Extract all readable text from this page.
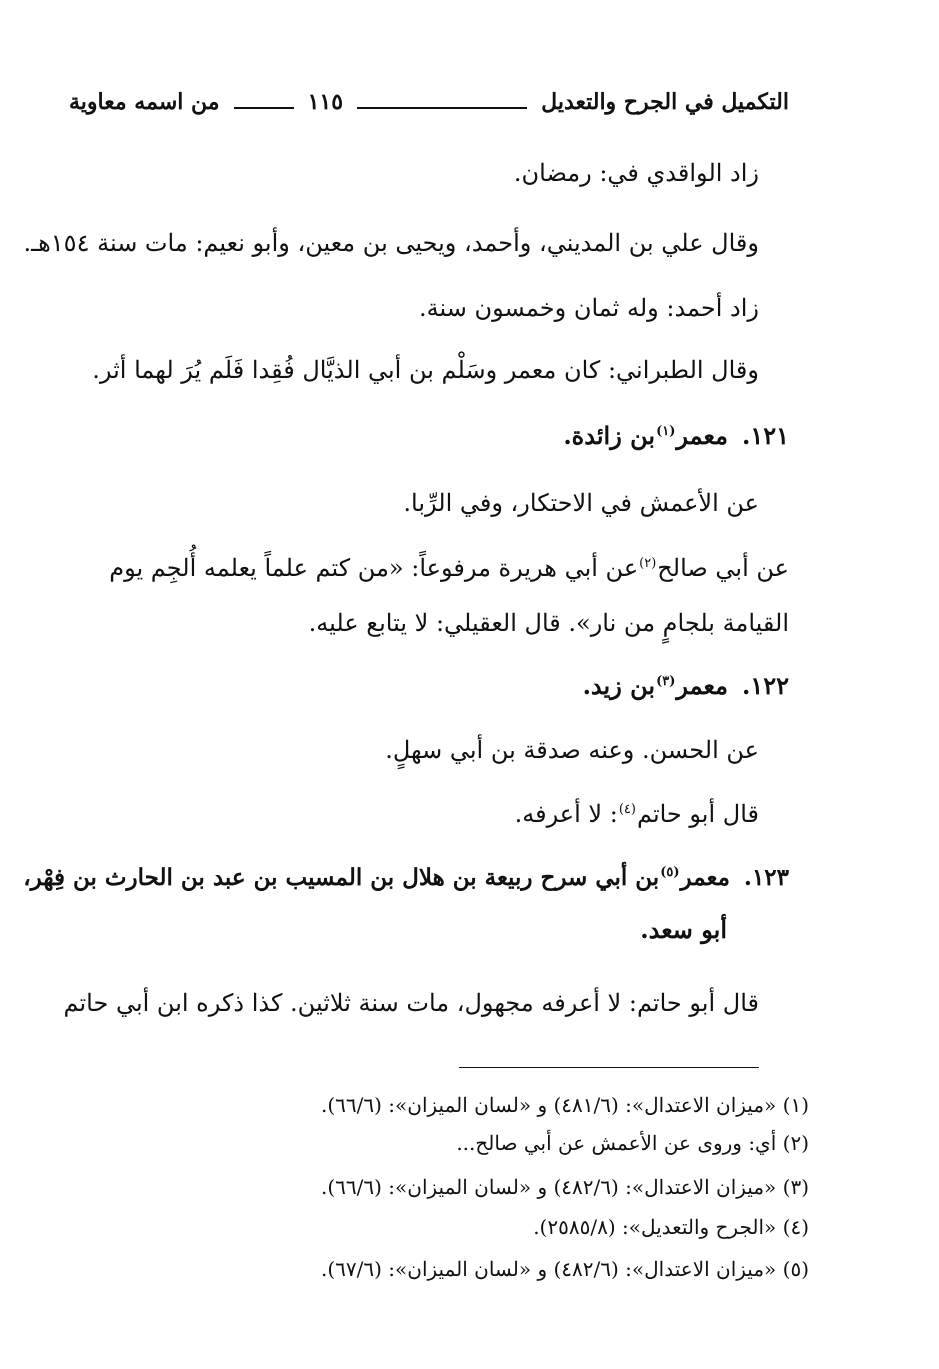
التكميل في الجرح والتعديل
١١٥
من اسمه معاوية
زاد الواقدي في: رمضان.
وقال علي بن المديني، وأحمد، ويحيى بن معين، وأبو نعيم: مات سنة ١٥٤هـ.
زاد أحمد: وله ثمان وخمسون سنة.
وقال الطبراني: كان معمر وسَلْم بن أبي الذيَّال فُقِدا فَلَم يُرَ لهما أثر.
١٢١.معمر$^{(١)}$بن زائدة.
عن الأعمش في الاحتكار، وفي الرِّبا.
عن أبي صالح$^{(٢)}$عن أبي هريرة مرفوعاً: «من كتم علماً يعلمه أُلجِم يوم
القيامة بلجامٍ من نار». قال العقيلي: لا يتابع عليه.
١٢٢.معمر$^{(٣)}$بن زيد.
عن الحسن. وعنه صدقة بن أبي سهلٍ.
قال أبو حاتم$^{(٤)}$: لا أعرفه.
١٢٣.معمر$^{(٥)}$بن أبي سرح ربيعة بن هلال بن المسيب بن عبد بن الحارث بن فِهْر،
أبو سعد.
قال أبو حاتم: لا أعرفه مجهول، مات سنة ثلاثين. كذا ذكره ابن أبي حاتم
(١) «ميزان الاعتدال»: (٤٨١/٦) و «لسان الميزان»: (٦٦/٦).
(٢) أي: وروى عن الأعمش عن أبي صالح...
(٣) «ميزان الاعتدال»: (٤٨٢/٦) و «لسان الميزان»: (٦٦/٦).
(٤) «الجرح والتعديل»: (٢٥٨٥/٨).
(٥) «ميزان الاعتدال»: (٤٨٢/٦) و «لسان الميزان»: (٦٧/٦).
